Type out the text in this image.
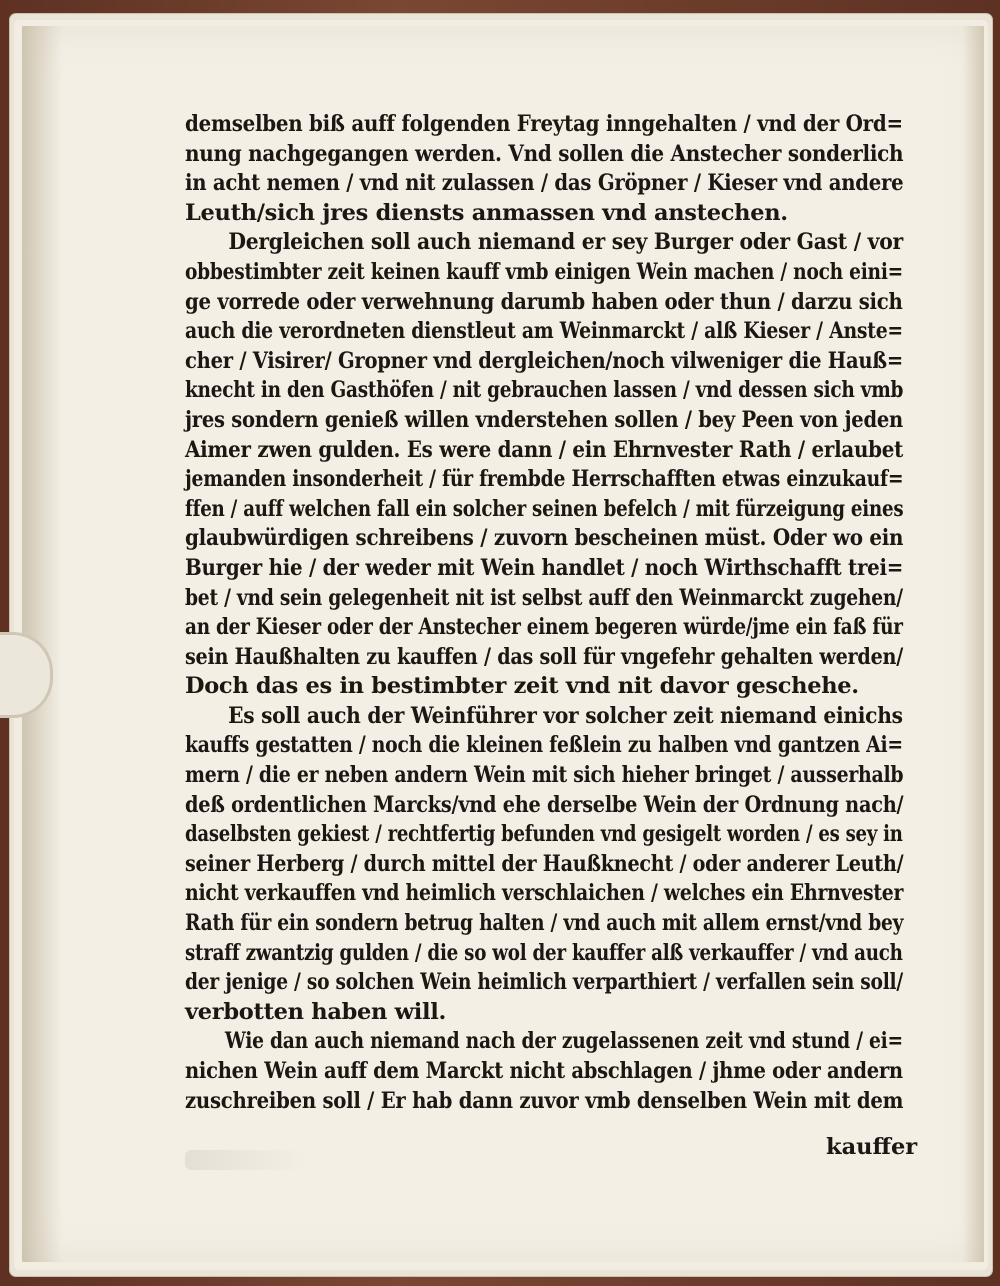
demselben biß auff folgenden Freytag inngehalten / vnd der Ord=
nung nachgegangen werden. Vnd sollen die Anstecher sonderlich
in acht nemen / vnd nit zulassen / das Gröpner / Kieser vnd andere
Leuth/sich jres diensts anmassen vnd anstechen.
Dergleichen soll auch niemand er sey Burger oder Gast / vor
obbestimbter zeit keinen kauff vmb einigen Wein machen / noch eini=
ge vorrede oder verwehnung darumb haben oder thun / darzu sich
auch die verordneten dienstleut am Weinmarckt / alß Kieser / Anste=
cher / Visirer/ Gropner vnd dergleichen/noch vilweniger die Hauß=
knecht in den Gasthöfen / nit gebrauchen lassen / vnd dessen sich vmb
jres sondern genieß willen vnderstehen sollen / bey Peen von jeden
Aimer zwen gulden. Es were dann / ein Ehrnvester Rath / erlaubet
jemanden insonderheit / für frembde Herrschafften etwas einzukauf=
ffen / auff welchen fall ein solcher seinen befelch / mit fürzeigung eines
glaubwürdigen schreibens / zuvorn bescheinen müst. Oder wo ein
Burger hie / der weder mit Wein handlet / noch Wirthschafft trei=
bet / vnd sein gelegenheit nit ist selbst auff den Weinmarckt zugehen/
an der Kieser oder der Anstecher einem begeren würde/jme ein faß für
sein Haußhalten zu kauffen / das soll für vngefehr gehalten werden/
Doch das es in bestimbter zeit vnd nit davor geschehe.
Es soll auch der Weinführer vor solcher zeit niemand einichs
kauffs gestatten / noch die kleinen feßlein zu halben vnd gantzen Ai=
mern / die er neben andern Wein mit sich hieher bringet / ausserhalb
deß ordentlichen Marcks/vnd ehe derselbe Wein der Ordnung nach/
daselbsten gekiest / rechtfertig befunden vnd gesigelt worden / es sey in
seiner Herberg / durch mittel der Haußknecht / oder anderer Leuth/
nicht verkauffen vnd heimlich verschlaichen / welches ein Ehrnvester
Rath für ein sondern betrug halten / vnd auch mit allem ernst/vnd bey
straff zwantzig gulden / die so wol der kauffer alß verkauffer / vnd auch
der jenige / so solchen Wein heimlich verparthiert / verfallen sein soll/
verbotten haben will.
Wie dan auch niemand nach der zugelassenen zeit vnd stund / ei=
nichen Wein auff dem Marckt nicht abschlagen / jhme oder andern
zuschreiben soll / Er hab dann zuvor vmb denselben Wein mit dem
kauffer
